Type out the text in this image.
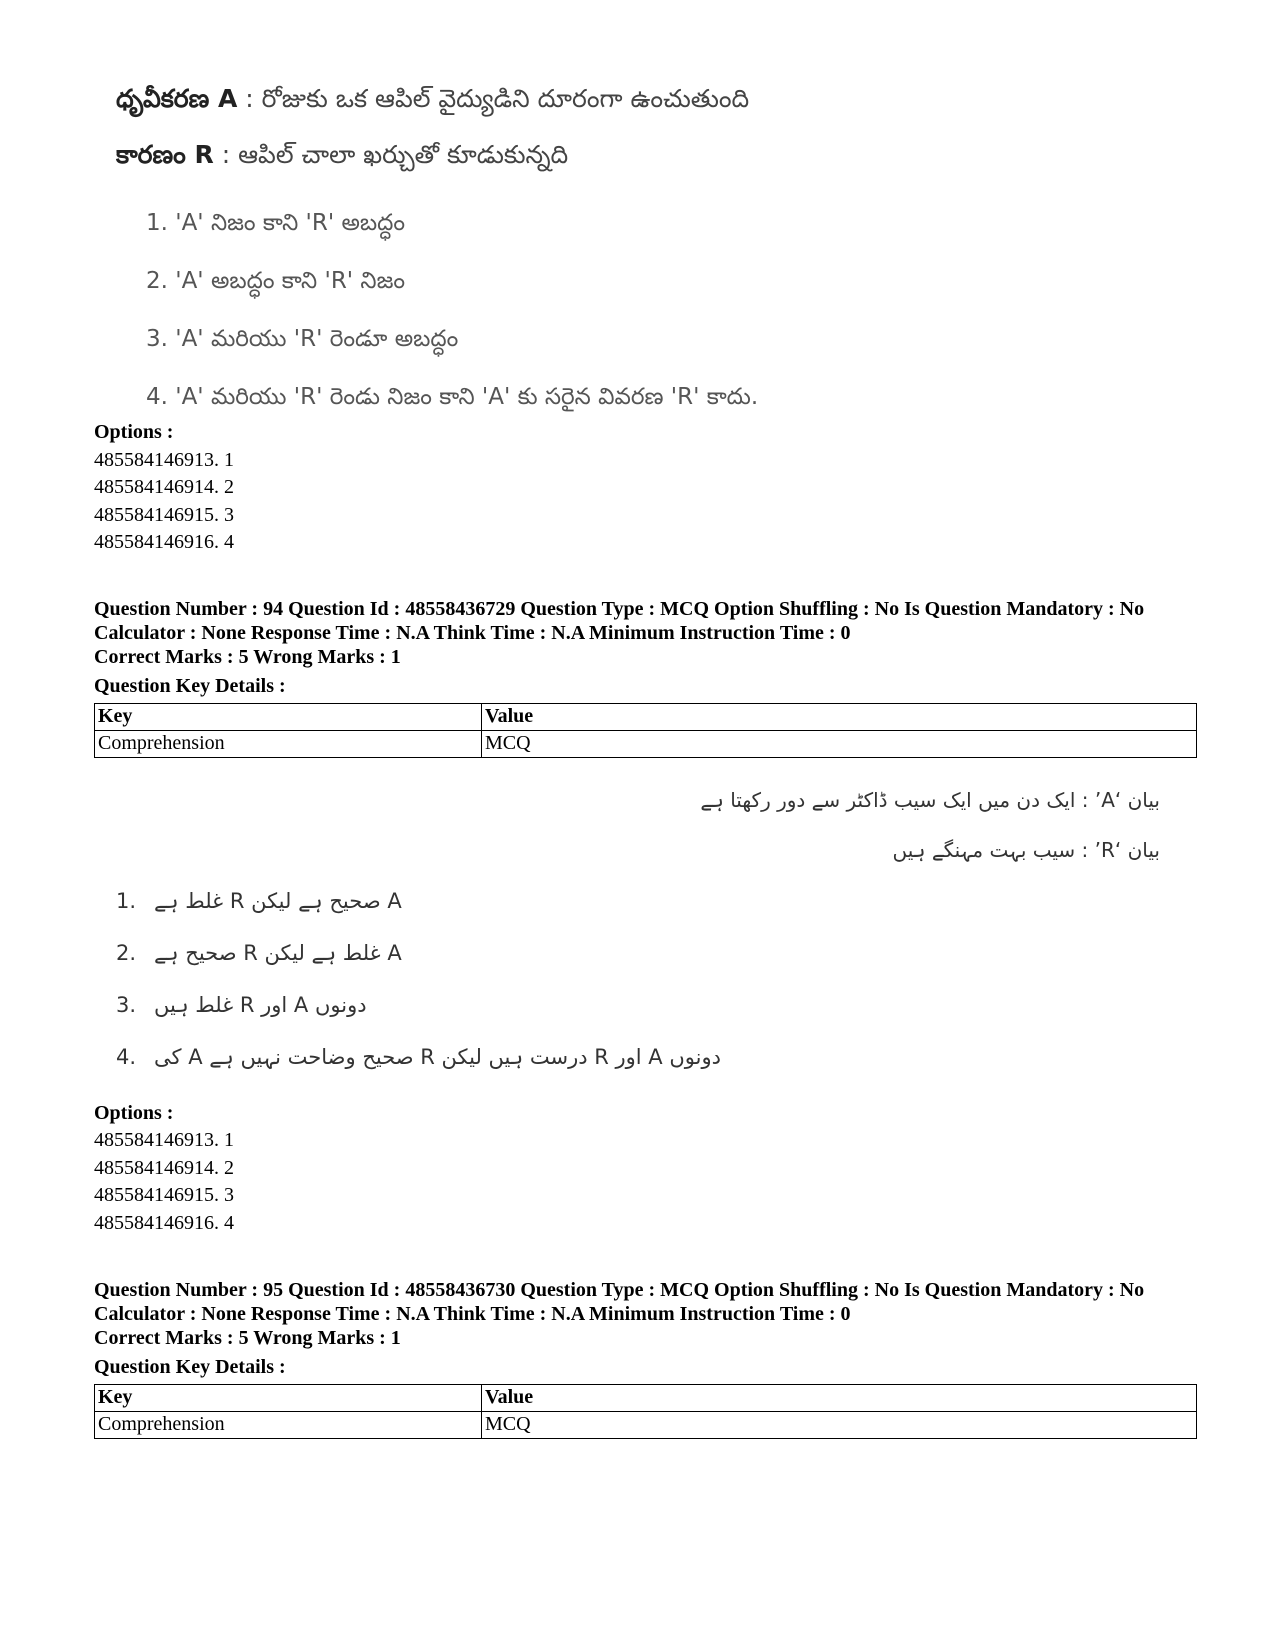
ధృవీకరణ A : రోజుకు ఒక ఆపిల్ వైద్యుడిని దూరంగా ఉంచుతుంది
కారణం R : ఆపిల్ చాలా ఖర్చుతో కూడుకున్నది
1. 'A' నిజం కాని 'R' అబద్ధం
2. 'A' అబద్ధం కాని 'R' నిజం
3. 'A' మరియు 'R' రెండూ అబద్ధం
4. 'A' మరియు 'R' రెండు నిజం కాని 'A' కు సరైన వివరణ 'R' కాదు.
Options :
485584146913. 1
485584146914. 2
485584146915. 3
485584146916. 4
Question Number : 94 Question Id : 48558436729 Question Type : MCQ Option Shuffling : No Is Question Mandatory : No Calculator : None Response Time : N.A Think Time : N.A Minimum Instruction Time : 0
Correct Marks : 5 Wrong Marks : 1
Question Key Details :
Key	Value
Comprehension	MCQ
بیان ‘A’ : ایک دن میں ایک سیب ڈاکٹر سے دور رکھتا ہے
بیان ‘R’ : سیب بہت مہنگے ہیں
1. A صحیح ہے لیکن R غلط ہے
2. A غلط ہے لیکن R صحیح ہے
3. دونوں A اور R غلط ہیں
4. دونوں A اور R درست ہیں لیکن R صحیح وضاحت نہیں ہے A کی
Options :
485584146913. 1
485584146914. 2
485584146915. 3
485584146916. 4
Question Number : 95 Question Id : 48558436730 Question Type : MCQ Option Shuffling : No Is Question Mandatory : No Calculator : None Response Time : N.A Think Time : N.A Minimum Instruction Time : 0
Correct Marks : 5 Wrong Marks : 1
Question Key Details :
Key	Value
Comprehension	MCQ
